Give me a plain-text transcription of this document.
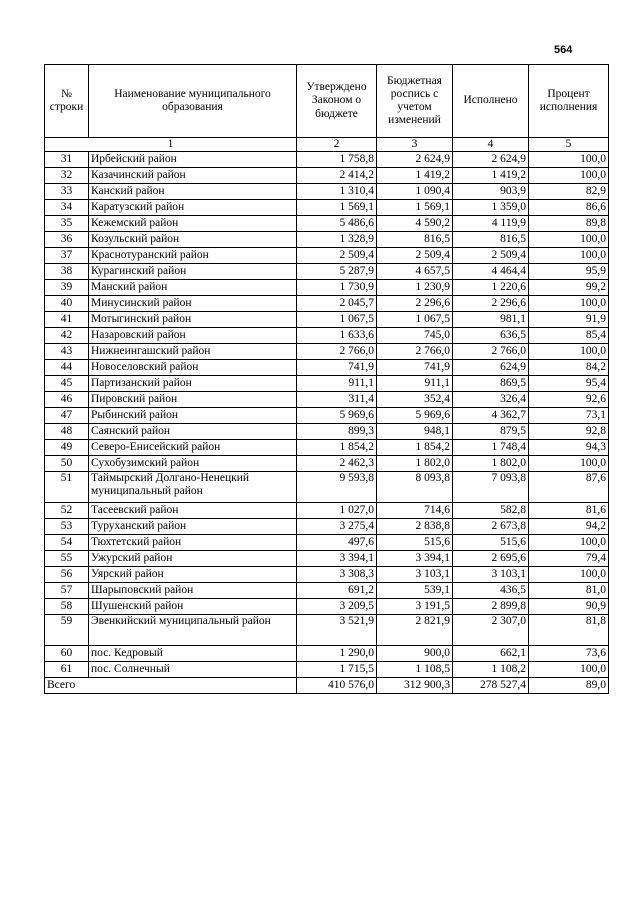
564
№ строки	Наименование муниципального образования	Утверждено Законом о бюджете	Бюджетная роспись с учетом изменений	Исполнено	Процент исполнения
1		2	3	4	5
31	Ирбейский район	1 758,8	2 624,9	2 624,9	100,0
32	Казачинский район	2 414,2	1 419,2	1 419,2	100,0
33	Канский район	1 310,4	1 090,4	903,9	82,9
34	Каратузский район	1 569,1	1 569,1	1 359,0	86,6
35	Кежемский район	5 486,6	4 590,2	4 119,9	89,8
36	Козульский район	1 328,9	816,5	816,5	100,0
37	Краснотуранский район	2 509,4	2 509,4	2 509,4	100,0
38	Курагинский район	5 287,9	4 657,5	4 464,4	95,9
39	Манский район	1 730,9	1 230,9	1 220,6	99,2
40	Минусинский район	2 045,7	2 296,6	2 296,6	100,0
41	Мотыгинский район	1 067,5	1 067,5	981,1	91,9
42	Назаровский район	1 633,6	745,0	636,5	85,4
43	Нижнеингашский район	2 766,0	2 766,0	2 766,0	100,0
44	Новоселовский район	741,9	741,9	624,9	84,2
45	Партизанский район	911,1	911,1	869,5	95,4
46	Пировский район	311,4	352,4	326,4	92,6
47	Рыбинский район	5 969,6	5 969,6	4 362,7	73,1
48	Саянский район	899,3	948,1	879,5	92,8
49	Северо-Енисейский район	1 854,2	1 854,2	1 748,4	94,3
50	Сухобузимский район	2 462,3	1 802,0	1 802,0	100,0
51	Таймырский Долгано-Ненецкий муниципальный район	9 593,8	8 093,8	7 093,8	87,6
52	Тасеевский район	1 027,0	714,6	582,8	81,6
53	Туруханский район	3 275,4	2 838,8	2 673,8	94,2
54	Тюхтетский район	497,6	515,6	515,6	100,0
55	Ужурский район	3 394,1	3 394,1	2 695,6	79,4
56	Уярский район	3 308,3	3 103,1	3 103,1	100,0
57	Шарыповский район	691,2	539,1	436,5	81,0
58	Шушенский район	3 209,5	3 191,5	2 899,8	90,9
59	Эвенкийский муниципальный район	3 521,9	2 821,9	2 307,0	81,8
60	пос. Кедровый	1 290,0	900,0	662,1	73,6
61	пос. Солнечный	1 715,5	1 108,5	1 108,2	100,0
Всего		410 576,0	312 900,3	278 527,4	89,0
